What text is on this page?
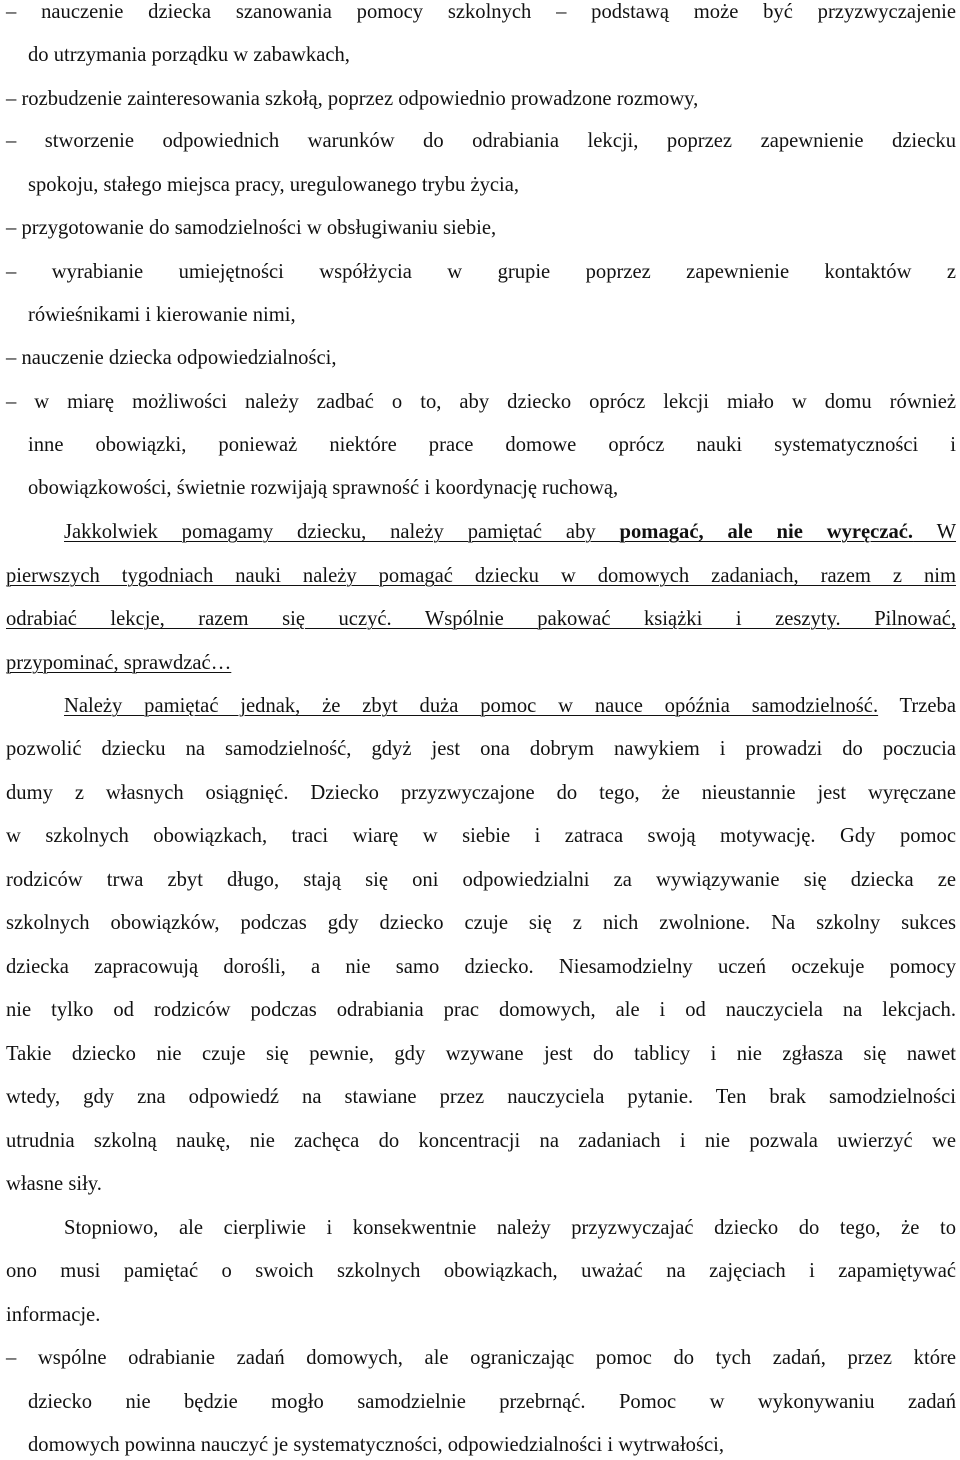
– nauczenie dziecka szanowania pomocy szkolnych – podstawą może być przyzwyczajenie
do utrzymania porządku w zabawkach,
– rozbudzenie zainteresowania szkołą, poprzez odpowiednio prowadzone rozmowy,
– stworzenie odpowiednich warunków do odrabiania lekcji, poprzez zapewnienie dziecku
spokoju, stałego miejsca pracy, uregulowanego trybu życia,
– przygotowanie do samodzielności w obsługiwaniu siebie,
– wyrabianie umiejętności współżycia w grupie poprzez zapewnienie kontaktów z
rówieśnikami i kierowanie nimi,
– nauczenie dziecka odpowiedzialności,
– w miarę możliwości należy zadbać o to, aby dziecko oprócz lekcji miało w domu również
inne obowiązki, ponieważ niektóre prace domowe oprócz nauki systematyczności i
obowiązkowości, świetnie rozwijają sprawność i koordynację ruchową,
Jakkolwiek pomagamy dziecku, należy pamiętać aby pomagać, ale nie wyręczać. W
pierwszych tygodniach nauki należy pomagać dziecku w domowych zadaniach, razem z nim
odrabiać lekcje, razem się uczyć. Wspólnie pakować książki i zeszyty. Pilnować,
przypominać, sprawdzać…
Należy pamiętać jednak, że zbyt duża pomoc w nauce opóźnia samodzielność. Trzeba
pozwolić dziecku na samodzielność, gdyż jest ona dobrym nawykiem i prowadzi do poczucia
dumy z własnych osiągnięć. Dziecko przyzwyczajone do tego, że nieustannie jest wyręczane
w szkolnych obowiązkach, traci wiarę w siebie i zatraca swoją motywację. Gdy pomoc
rodziców trwa zbyt długo, stają się oni odpowiedzialni za wywiązywanie się dziecka ze
szkolnych obowiązków, podczas gdy dziecko czuje się z nich zwolnione. Na szkolny sukces
dziecka zapracowują dorośli, a nie samo dziecko. Niesamodzielny uczeń oczekuje pomocy
nie tylko od rodziców podczas odrabiania prac domowych, ale i od nauczyciela na lekcjach.
Takie dziecko nie czuje się pewnie, gdy wzywane jest do tablicy i nie zgłasza się nawet
wtedy, gdy zna odpowiedź na stawiane przez nauczyciela pytanie. Ten brak samodzielności
utrudnia szkolną naukę, nie zachęca do koncentracji na zadaniach i nie pozwala uwierzyć we
własne siły.
Stopniowo, ale cierpliwie i konsekwentnie należy przyzwyczajać dziecko do tego, że to
ono musi pamiętać o swoich szkolnych obowiązkach, uważać na zajęciach i zapamiętywać
informacje.
– wspólne odrabianie zadań domowych, ale ograniczając pomoc do tych zadań, przez które
dziecko nie będzie mogło samodzielnie przebrnąć. Pomoc w wykonywaniu zadań
domowych powinna nauczyć je systematyczności, odpowiedzialności i wytrwałości,
